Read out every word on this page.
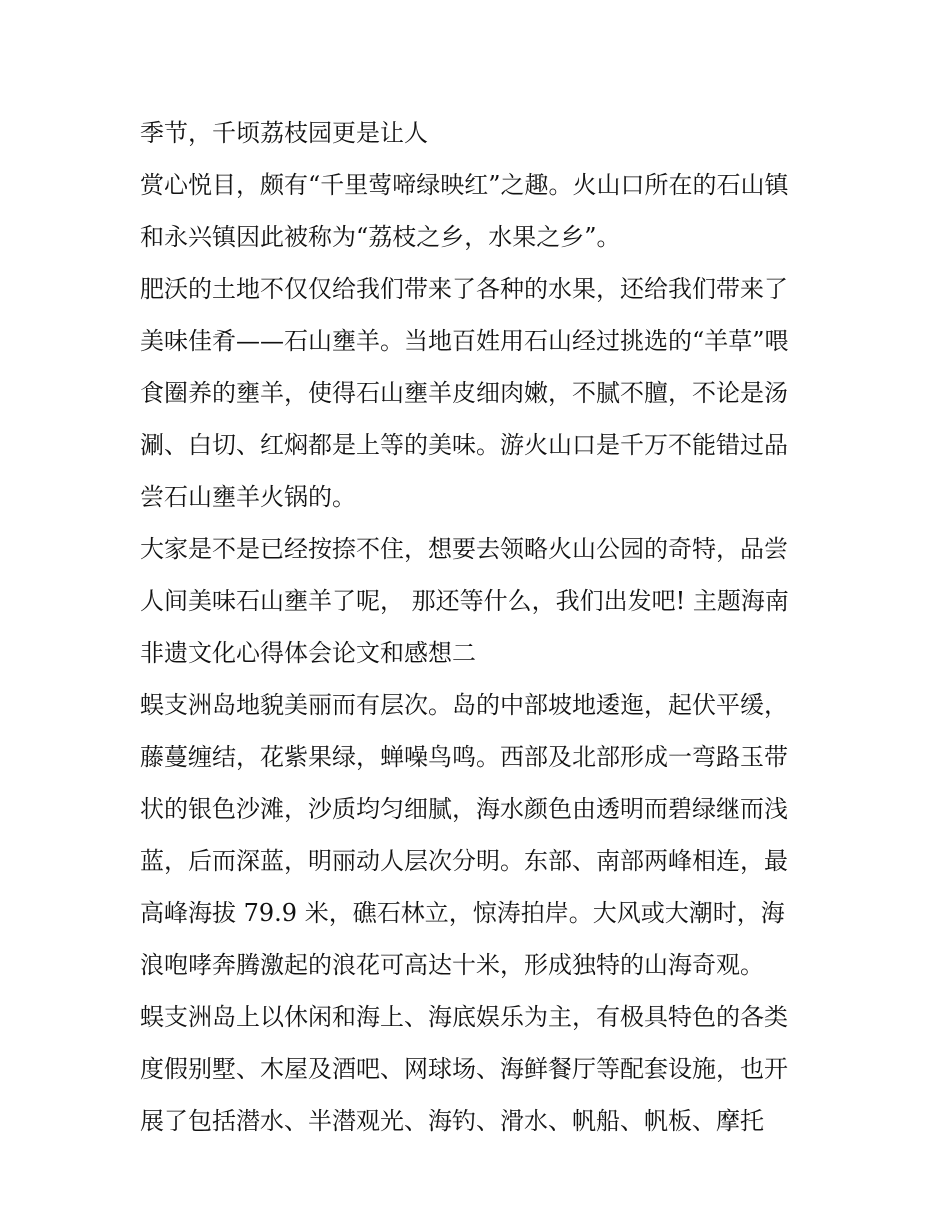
季节，千顷荔枝园更是让人
赏心悦目，颇有“千里莺啼绿映红”之趣。火山口所在的石山镇
和永兴镇因此被称为“荔枝之乡，水果之乡”。
肥沃的土地不仅仅给我们带来了各种的水果，还给我们带来了
美味佳肴——石山壅羊。当地百姓用石山经过挑选的“羊草”喂
食圈养的壅羊，使得石山壅羊皮细肉嫩，不腻不膻，不论是汤
涮、白切、红焖都是上等的美味。游火山口是千万不能错过品
尝石山壅羊火锅的。
大家是不是已经按捺不住，想要去领略火山公园的奇特，品尝
人间美味石山壅羊了呢， 那还等什么，我们出发吧! 主题海南
非遗文化心得体会论文和感想二
蜈支洲岛地貌美丽而有层次。岛的中部坡地逶迤，起伏平缓，
藤蔓缠结，花紫果绿，蝉噪鸟鸣。西部及北部形成一弯路玉带
状的银色沙滩，沙质均匀细腻，海水颜色由透明而碧绿继而浅
蓝，后而深蓝，明丽动人层次分明。东部、南部两峰相连，最
高峰海拔 79.9 米，礁石林立，惊涛拍岸。大风或大潮时，海
浪咆哮奔腾激起的浪花可高达十米，形成独特的山海奇观。
蜈支洲岛上以休闲和海上、海底娱乐为主，有极具特色的各类
度假别墅、木屋及酒吧、网球场、海鲜餐厅等配套设施，也开
展了包括潜水、半潜观光、海钓、滑水、帆船、帆板、摩托
